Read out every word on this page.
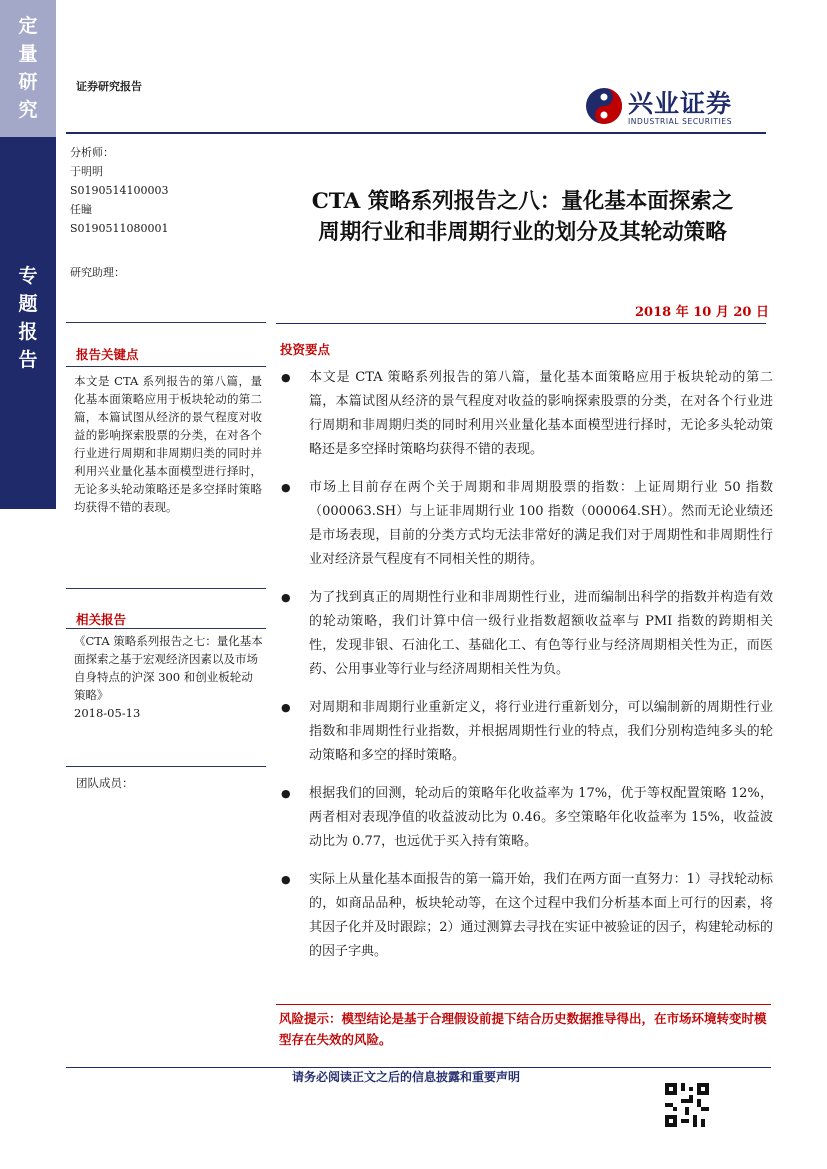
定
量
研
究
专
题
报
告
证券研究报告
兴业证券
INDUSTRIAL SECURITIES
分析师：
于明明
S0190514100003
任瞳
S0190511080001
研究助理：
报告关键点
本文是 CTA 系列报告的第八篇，量化基本面策略应用于板块轮动的第二篇，本篇试图从经济的景气程度对收益的影响探索股票的分类，在对各个行业进行周期和非周期归类的同时并利用兴业量化基本面模型进行择时，无论多头轮动策略还是多空择时策略均获得不错的表现。
相关报告
《CTA 策略系列报告之七：量化基本面探索之基于宏观经济因素以及市场自身特点的沪深 300 和创业板轮动策略》
2018-05-13
团队成员：
CTA 策略系列报告之八：量化基本面探索之
周期行业和非周期行业的划分及其轮动策略
2018 年 10 月 20 日
投资要点
● 本文是 CTA 策略系列报告的第八篇，量化基本面策略应用于板块轮动的第二篇，本篇试图从经济的景气程度对收益的影响探索股票的分类，在对各个行业进行周期和非周期归类的同时利用兴业量化基本面模型进行择时，无论多头轮动策略还是多空择时策略均获得不错的表现。
● 市场上目前存在两个关于周期和非周期股票的指数：上证周期行业 50 指数（000063.SH）与上证非周期行业 100 指数（000064.SH）。然而无论业绩还是市场表现，目前的分类方式均无法非常好的满足我们对于周期性和非周期性行业对经济景气程度有不同相关性的期待。
● 为了找到真正的周期性行业和非周期性行业，进而编制出科学的指数并构造有效的轮动策略，我们计算中信一级行业指数超额收益率与 PMI 指数的跨期相关性，发现非银、石油化工、基础化工、有色等行业与经济周期相关性为正，而医药、公用事业等行业与经济周期相关性为负。
● 对周期和非周期行业重新定义，将行业进行重新划分，可以编制新的周期性行业指数和非周期性行业指数，并根据周期性行业的特点，我们分别构造纯多头的轮动策略和多空的择时策略。
● 根据我们的回测，轮动后的策略年化收益率为 17%，优于等权配置策略 12%，两者相对表现净值的收益波动比为 0.46。多空策略年化收益率为 15%，收益波动比为 0.77，也远优于买入持有策略。
● 实际上从量化基本面报告的第一篇开始，我们在两方面一直努力：1）寻找轮动标的，如商品品种，板块轮动等，在这个过程中我们分析基本面上可行的因素，将其因子化并及时跟踪；2）通过测算去寻找在实证中被验证的因子，构建轮动标的的因子字典。
风险提示：模型结论是基于合理假设前提下结合历史数据推导得出，在市场环境转变时模型存在失效的风险。
请务必阅读正文之后的信息披露和重要声明
